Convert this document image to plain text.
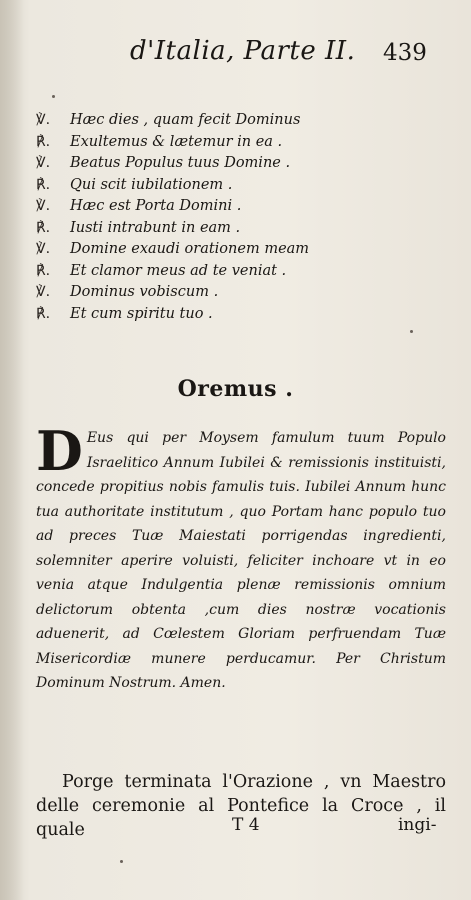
d'Italia, Parte II. 439
℣.	Hæc dies , quam fecit Dominus
℟.	Exultemus & lætemur in ea .
℣.	Beatus Populus tuus Domine .
℟.	Qui scit iubilationem .
℣.	Hæc est Porta Domini .
℟.	Iusti intrabunt in eam .
℣.	Domine exaudi orationem meam
℟.	Et clamor meus ad te veniat .
℣.	Dominus vobiscum .
℟.	Et cum spiritu tuo .
Oremus .

D Eus qui per Moysem famulum tuum Populo Israelitico Annum Iubilei & remissionis instituisti, concede propitius nobis famulis tuis. Iubilei Annum hunc tua authoritate institutum , quo Portam hanc populo tuo ad preces Tuæ Maiestati porrigendas ingredienti, solemniter aperire voluisti, feliciter inchoare vt in eo venia atque Indulgentia plenæ remissionis omnium delictorum obtenta ,cum dies nostræ vocationis aduenerit, ad Cœlestem Gloriam perfruendam Tuæ Misericordiæ munere perducamur. Per Christum Dominum Nostrum. Amen.

Porge terminata l'Orazione , vn Maestro delle ceremonie al Pontefice la Croce , il quale	T 4	ingi-
